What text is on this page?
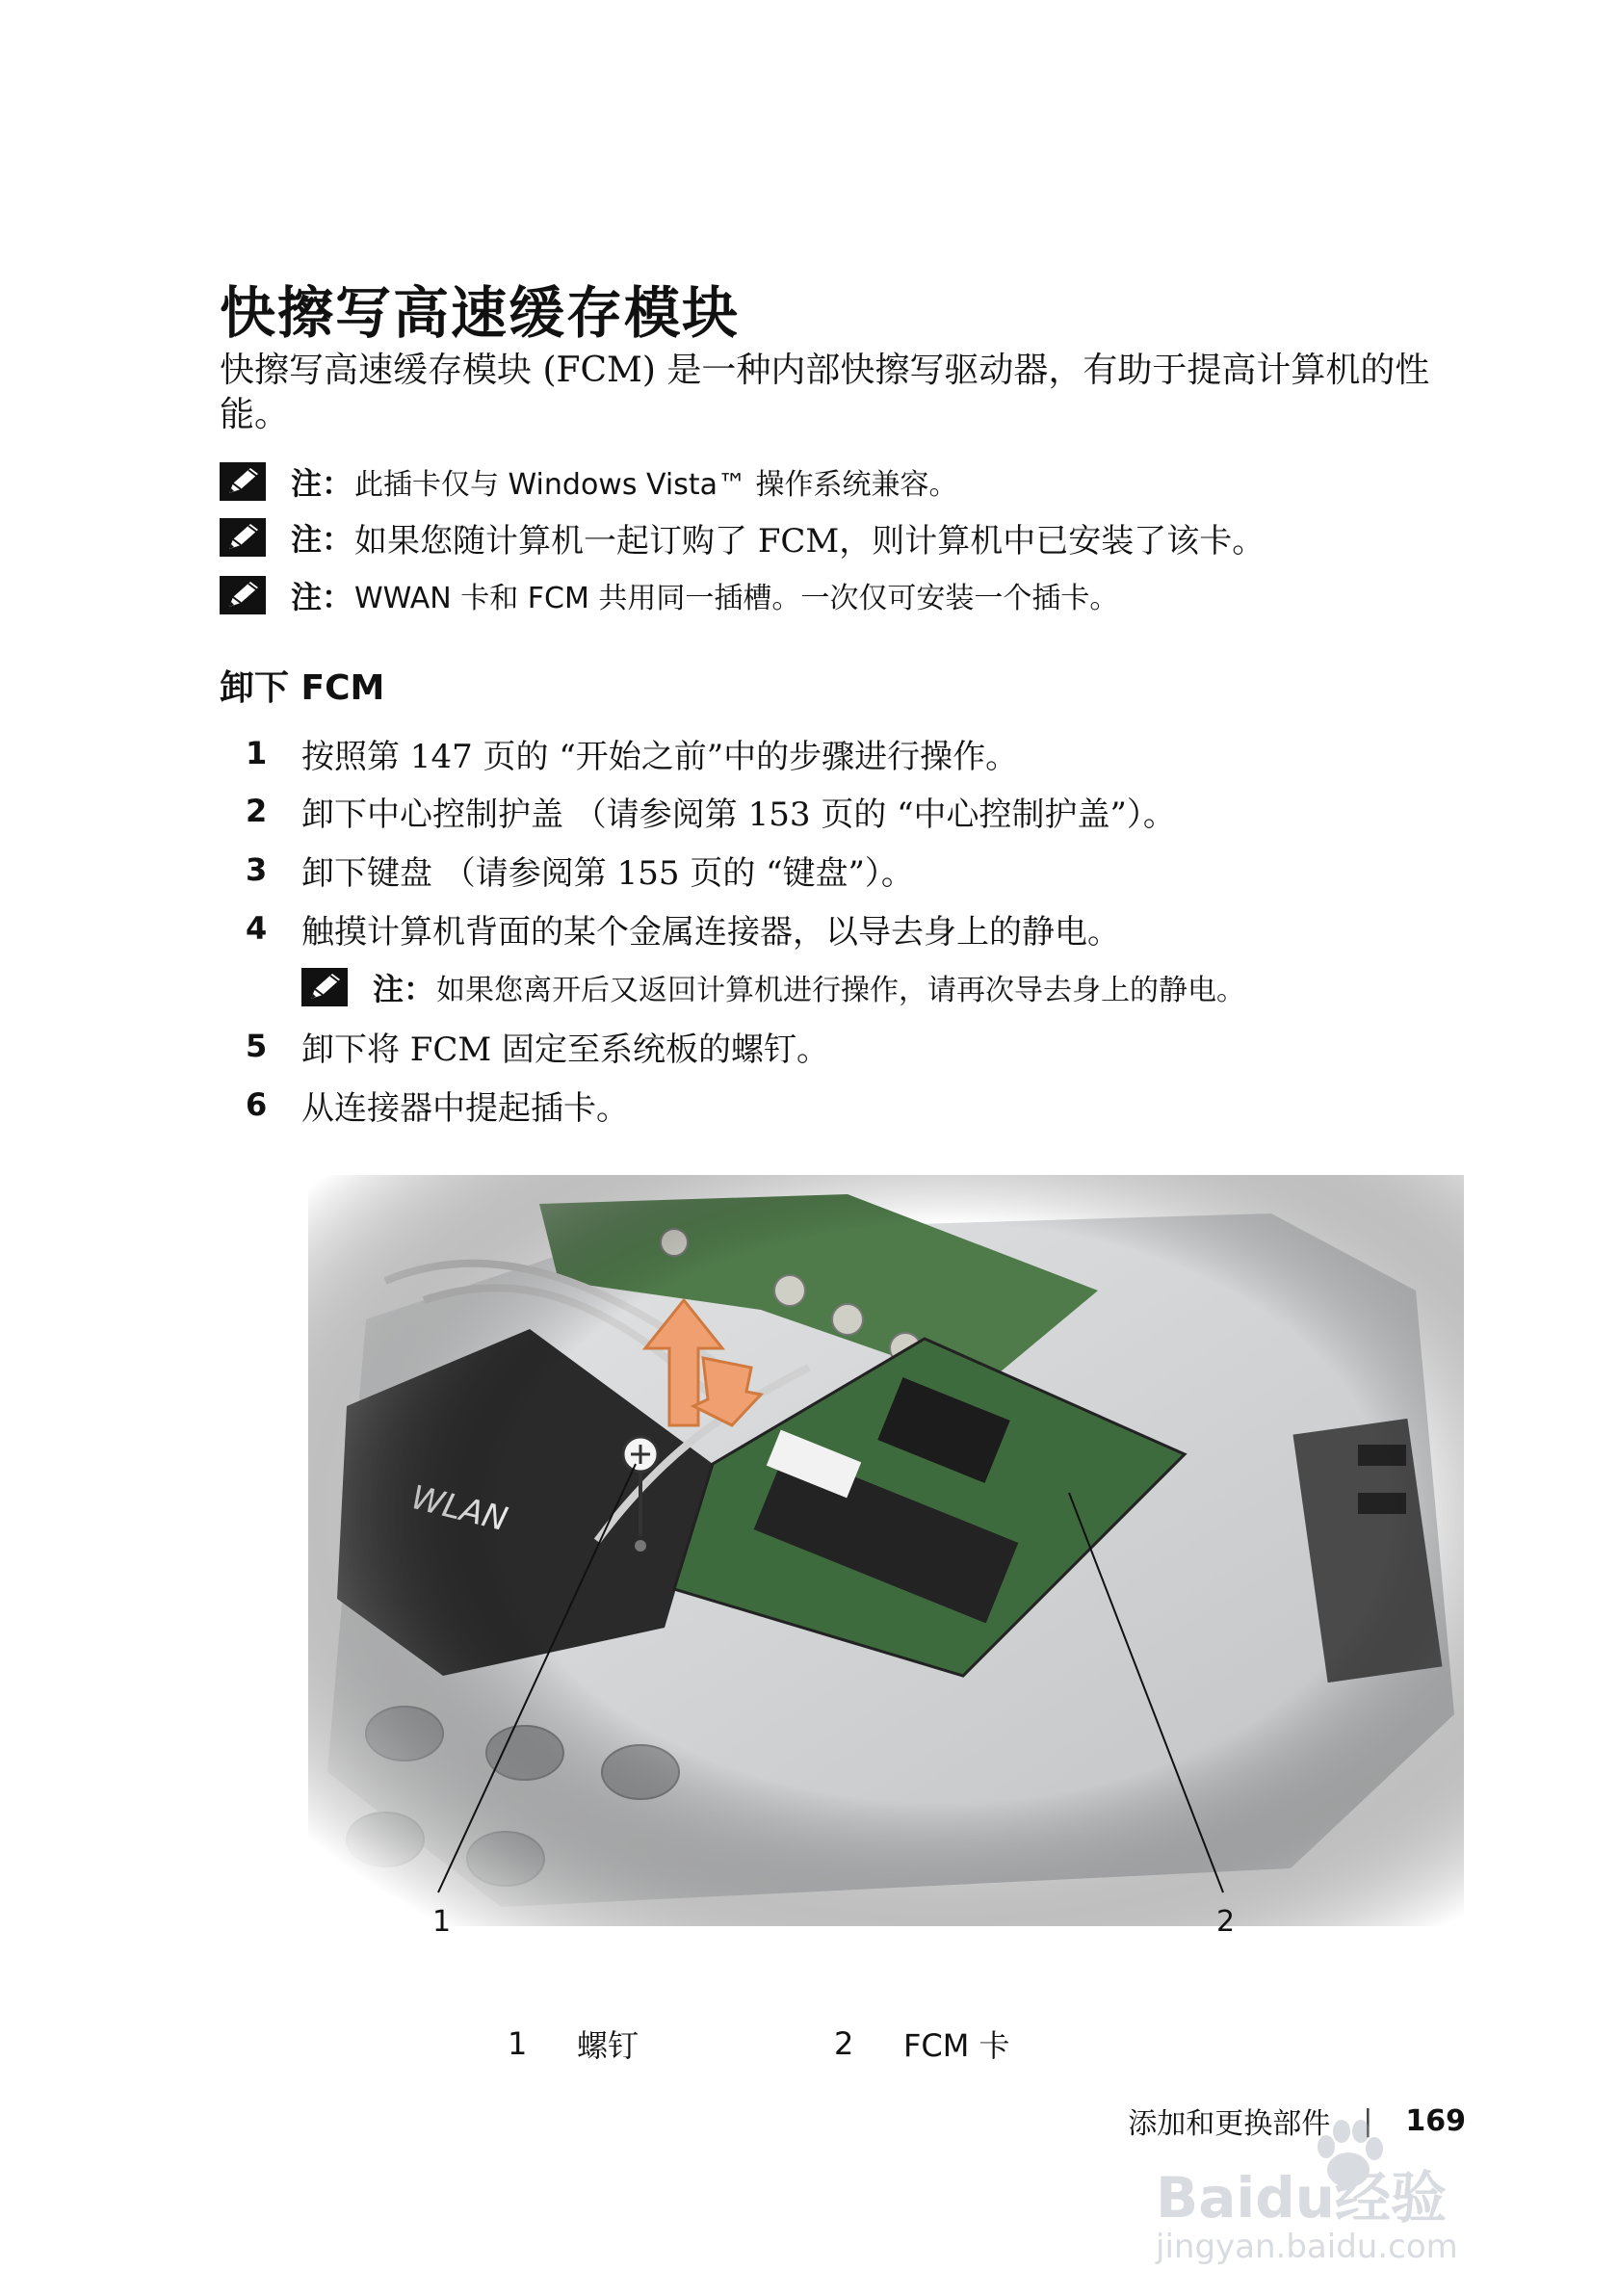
快擦写高速缓存模块
快擦写高速缓存模块 (FCM) 是一种内部快擦写驱动器，有助于提高计算机的性能。
注： 此插卡仅与 Windows Vista™ 操作系统兼容。
注： 如果您随计算机一起订购了 FCM，则计算机中已安装了该卡。
注： WWAN 卡和 FCM 共用同一插槽。一次仅可安装一个插卡。
卸下 FCM
1	按照第 147 页的 “开始之前”中的步骤进行操作。
2	卸下中心控制护盖 （请参阅第 153 页的 “中心控制护盖”）。
3	卸下键盘 （请参阅第 155 页的 “键盘”）。
4	触摸计算机背面的某个金属连接器，以导去身上的静电。
注： 如果您离开后又返回计算机进行操作，请再次导去身上的静电。
5	卸下将 FCM 固定至系统板的螺钉。
6	从连接器中提起插卡。
1	2
1	螺钉	2	FCM 卡
添加和更换部件 | 169
Baidu经验
jingyan.baidu.com
